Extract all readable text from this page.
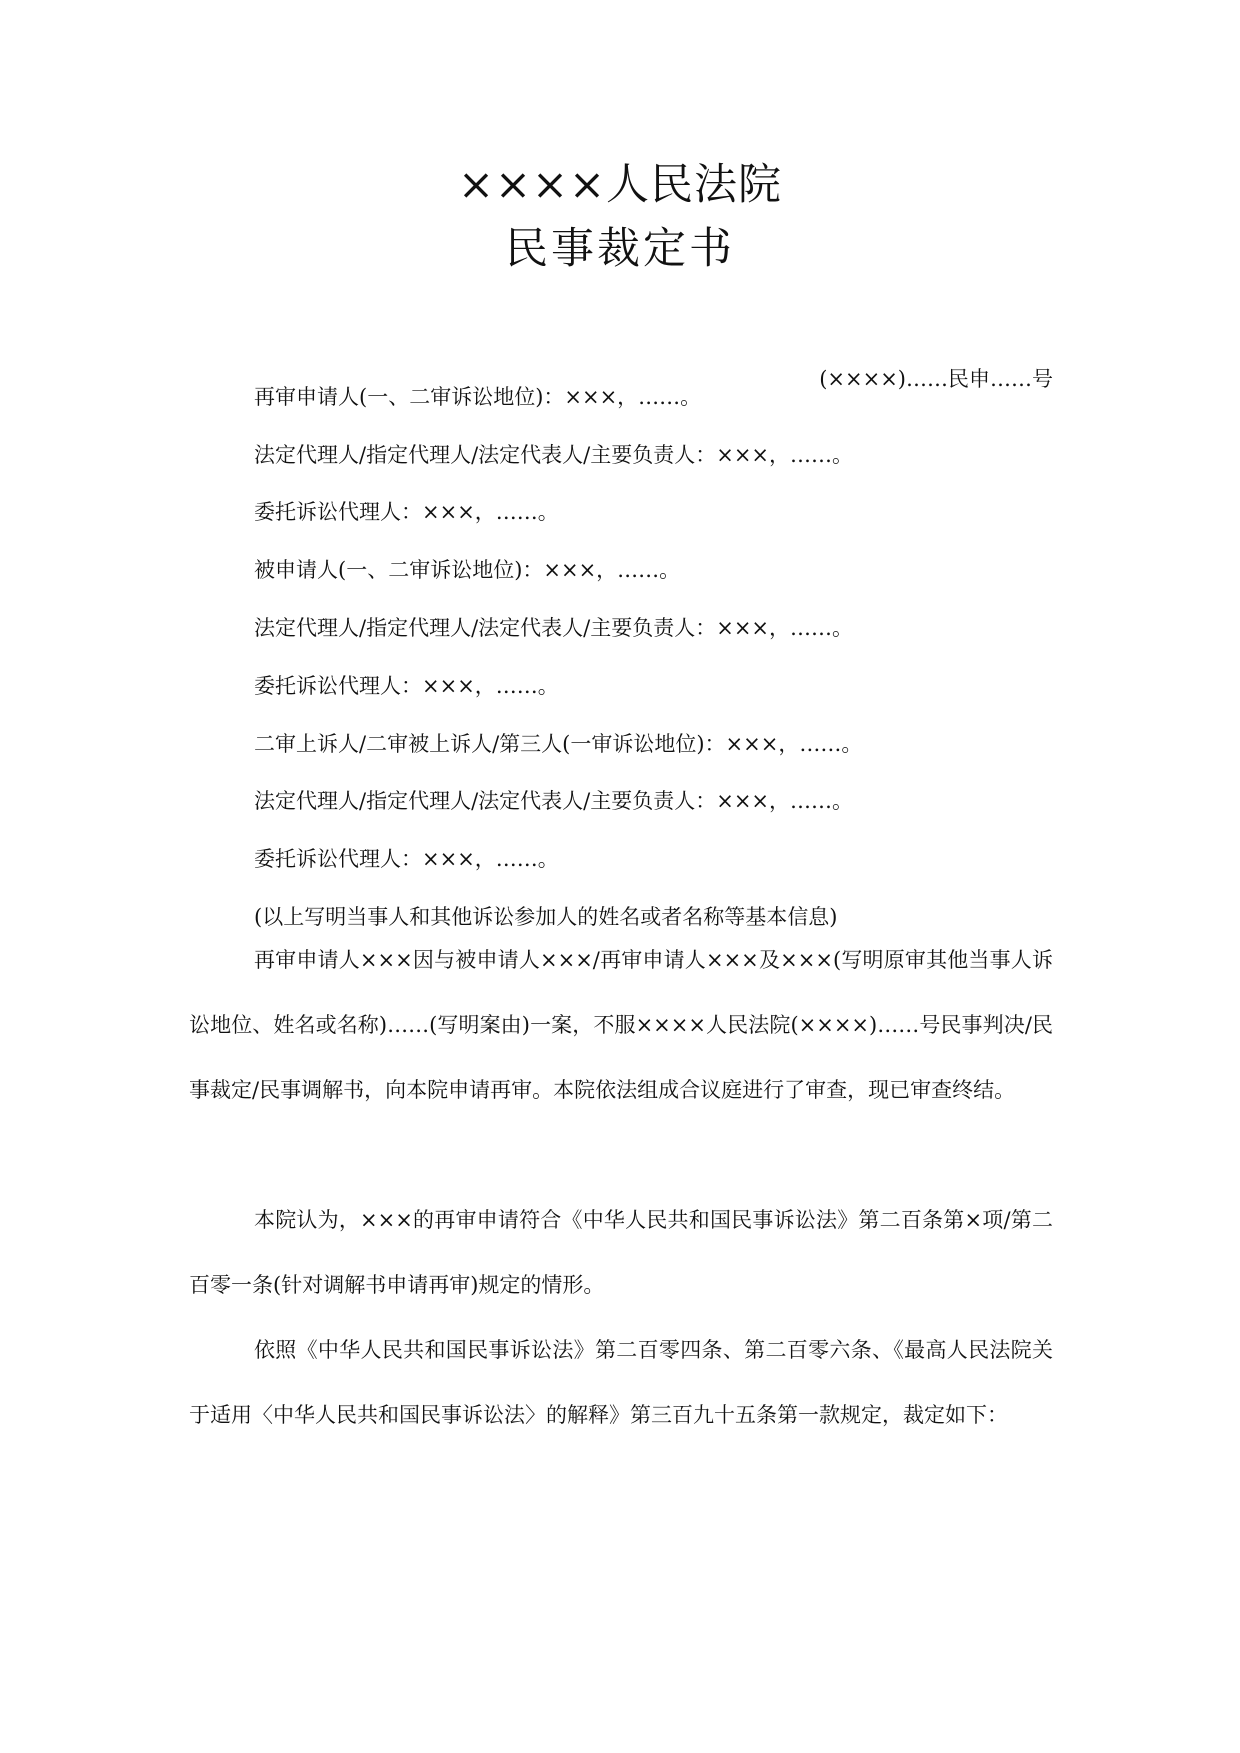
××××人民法院
民事裁定书

(××××)……民申……号

再审申请人(一、二审诉讼地位)：×××，……。

法定代理人/指定代理人/法定代表人/主要负责人：×××，……。

委托诉讼代理人：×××，……。

被申请人(一、二审诉讼地位)：×××，……。

法定代理人/指定代理人/法定代表人/主要负责人：×××，……。

委托诉讼代理人：×××，……。

二审上诉人/二审被上诉人/第三人(一审诉讼地位)：×××，……。

法定代理人/指定代理人/法定代表人/主要负责人：×××，……。

委托诉讼代理人：×××，……。

(以上写明当事人和其他诉讼参加人的姓名或者名称等基本信息)

再审申请人×××因与被申请人×××/再审申请人×××及×××(写明原审其他当事人诉讼地位、姓名或名称)……(写明案由)一案，不服××××人民法院(××××)……号民事判决/民事裁定/民事调解书，向本院申请再审。本院依法组成合议庭进行了审查，现已审查终结。

本院认为，×××的再审申请符合《中华人民共和国民事诉讼法》第二百条第×项/第二百零一条(针对调解书申请再审)规定的情形。

依照《中华人民共和国民事诉讼法》第二百零四条、第二百零六条、《最高人民法院关于适用〈中华人民共和国民事诉讼法〉的解释》第三百九十五条第一款规定，裁定如下：
